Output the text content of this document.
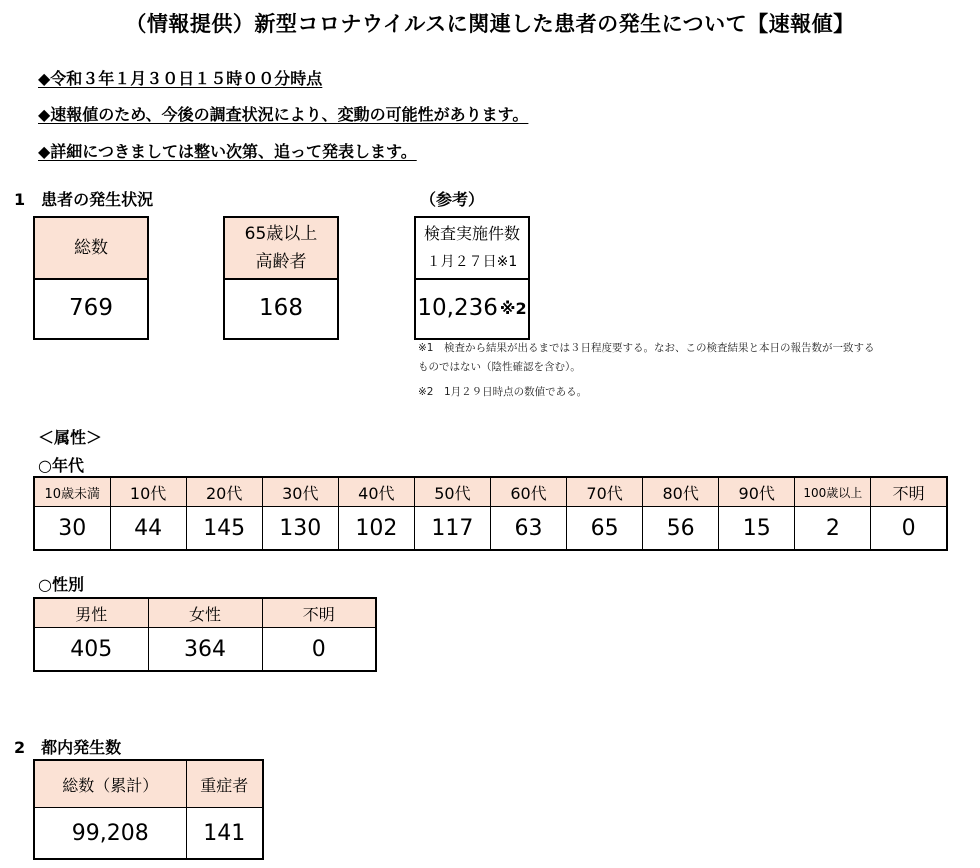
（情報提供）新型コロナウイルスに関連した患者の発生について【速報値】
◆令和３年１月３０日１５時００分時点
◆速報値のため、今後の調査状況により、変動の可能性があります。
◆詳細につきましては整い次第、追って発表します。
1　患者の発生状況	（参考）
総数
769
65歳以上
高齢者
168
検査実施件数
１月２７日※1
10,236 ※2
※1　検査から結果が出るまでは３日程度要する。なお、この検査結果と本日の報告数が一致する
ものではない（陰性確認を含む）。
※2　1月２９日時点の数値である。
＜属性＞
○年代
10歳未満	10代	20代	30代	40代	50代	60代	70代	80代	90代	100歳以上	不明
30	44	145	130	102	117	63	65	56	15	2	0
○性別
男性	女性	不明
405	364	0
2　都内発生数
総数（累計）	重症者
99,208	141
